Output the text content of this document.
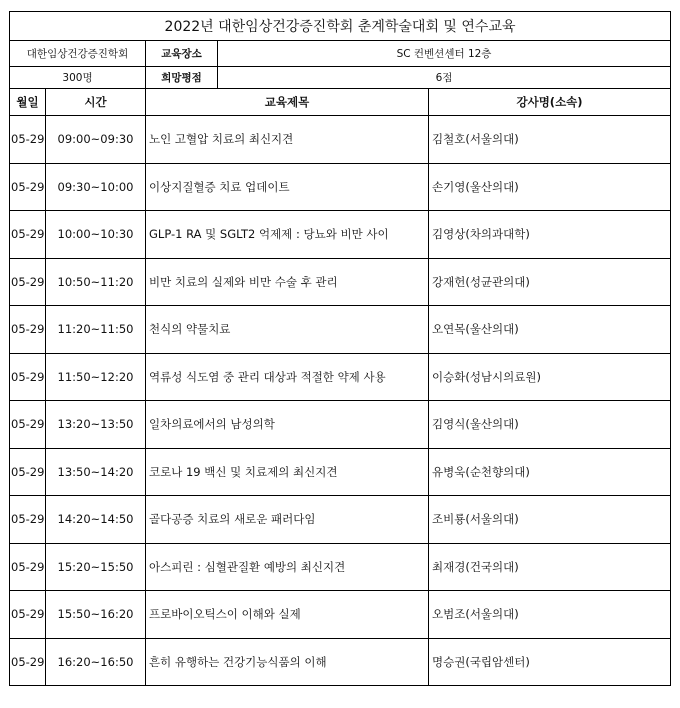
2022년 대한임상건강증진학회 춘계학술대회 및 연수교육				
대한임상건강증진학회		교육장소	SC 컨벤션센터 12층	
300명		희망평점	6점	
월일	시간	교육제목		강사명(소속)
05-29	09:00~09:30	노인 고혈압 치료의 최신지견		김철호(서울의대)
05-29	09:30~10:00	이상지질혈증 치료 업데이트		손기영(울산의대)
05-29	10:00~10:30	GLP-1 RA 및 SGLT2 억제제 : 당뇨와 비만 사이		김영상(차의과대학)
05-29	10:50~11:20	비만 치료의 실제와 비만 수술 후 관리		강재헌(성균관의대)
05-29	11:20~11:50	천식의 약물치료		오연목(울산의대)
05-29	11:50~12:20	역류성 식도염 중 관리 대상과 적절한 약제 사용		이승화(성남시의료원)
05-29	13:20~13:50	일차의료에서의 남성의학		김영식(울산의대)
05-29	13:50~14:20	코로나 19 백신 및 치료제의 최신지견		유병욱(순천향의대)
05-29	14:20~14:50	골다공증 치료의 새로운 패러다임		조비룡(서울의대)
05-29	15:20~15:50	아스피린 : 심혈관질환 예방의 최신지견		최재경(건국의대)
05-29	15:50~16:20	프로바이오틱스이 이해와 실제		오범조(서울의대)
05-29	16:20~16:50	흔히 유행하는 건강기능식품의 이해		명승권(국립암센터)
